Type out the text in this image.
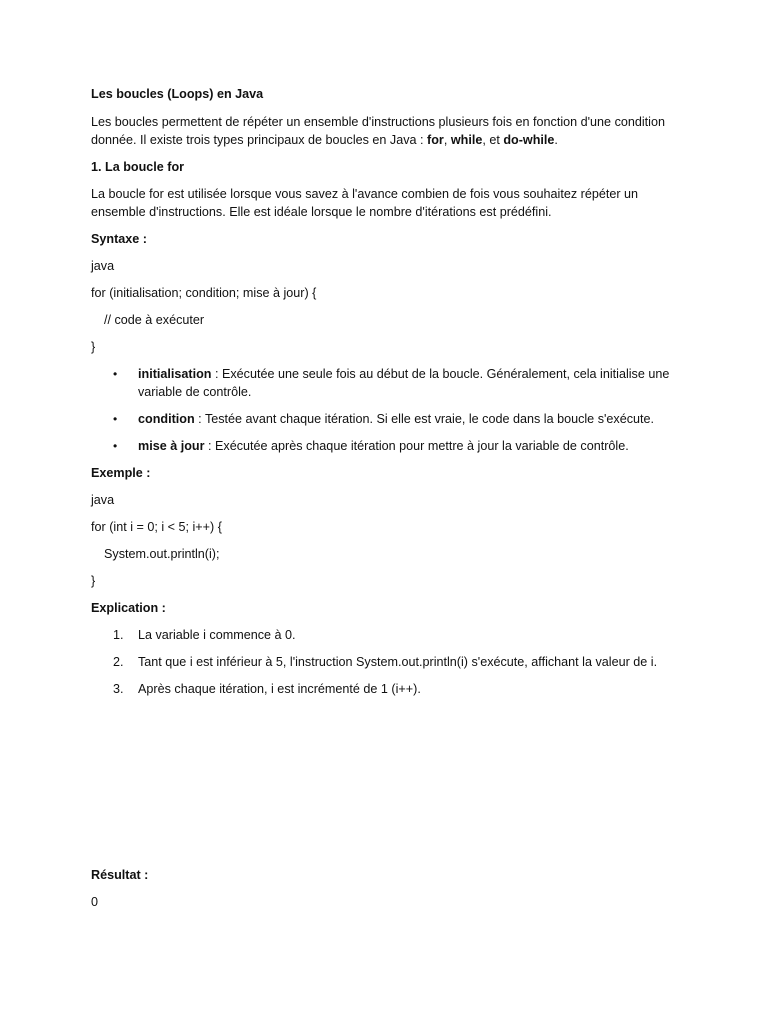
Les boucles (Loops) en Java

Les boucles permettent de répéter un ensemble d'instructions plusieurs fois en fonction d'une condition donnée. Il existe trois types principaux de boucles en Java : for, while, et do-while.

1. La boucle for

La boucle for est utilisée lorsque vous savez à l'avance combien de fois vous souhaitez répéter un ensemble d'instructions. Elle est idéale lorsque le nombre d'itérations est prédéfini.

Syntaxe :

java

for (initialisation; condition; mise à jour) {

// code à exécuter

}

• initialisation : Exécutée une seule fois au début de la boucle. Généralement, cela initialise une variable de contrôle.
• condition : Testée avant chaque itération. Si elle est vraie, le code dans la boucle s'exécute.
• mise à jour : Exécutée après chaque itération pour mettre à jour la variable de contrôle.

Exemple :

java

for (int i = 0; i < 5; i++) {

System.out.println(i);

}

Explication :

1. La variable i commence à 0.
2. Tant que i est inférieur à 5, l'instruction System.out.println(i) s'exécute, affichant la valeur de i.
3. Après chaque itération, i est incrémenté de 1 (i++).

Résultat :

0
